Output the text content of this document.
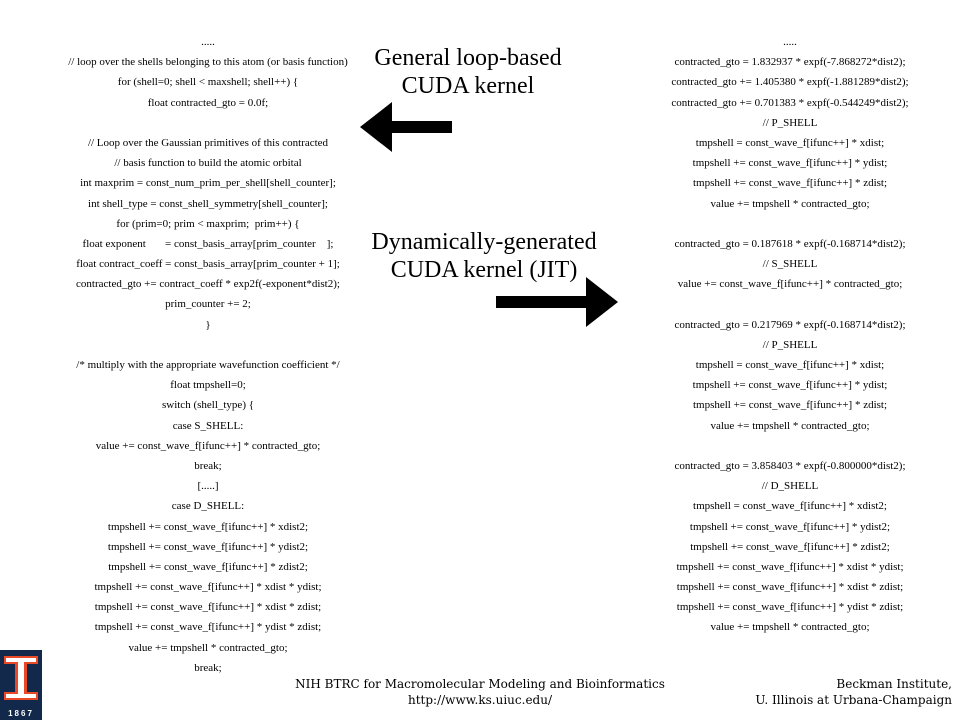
.....
// loop over the shells belonging to this atom (or basis function)
for (shell=0; shell < maxshell; shell++) {
float contracted_gto = 0.0f;
// Loop over the Gaussian primitives of this contracted
// basis function to build the atomic orbital
int maxprim = const_num_prim_per_shell[shell_counter];
int shell_type = const_shell_symmetry[shell_counter];
for (prim=0; prim < maxprim;  prim++) {
float exponent       = const_basis_array[prim_counter    ];
float contract_coeff = const_basis_array[prim_counter + 1];
contracted_gto += contract_coeff * exp2f(-exponent*dist2);
prim_counter += 2;
}
/* multiply with the appropriate wavefunction coefficient */
float tmpshell=0;
switch (shell_type) {
case S_SHELL:
value += const_wave_f[ifunc++] * contracted_gto;
break;
[.....]
case D_SHELL:
tmpshell += const_wave_f[ifunc++] * xdist2;
tmpshell += const_wave_f[ifunc++] * ydist2;
tmpshell += const_wave_f[ifunc++] * zdist2;
tmpshell += const_wave_f[ifunc++] * xdist * ydist;
tmpshell += const_wave_f[ifunc++] * xdist * zdist;
tmpshell += const_wave_f[ifunc++] * ydist * zdist;
value += tmpshell * contracted_gto;
break;
General loop-based
CUDA kernel
Dynamically-generated
CUDA kernel (JIT)
.....
contracted_gto = 1.832937 * expf(-7.868272*dist2);
contracted_gto += 1.405380 * expf(-1.881289*dist2);
contracted_gto += 0.701383 * expf(-0.544249*dist2);
// P_SHELL
tmpshell = const_wave_f[ifunc++] * xdist;
tmpshell += const_wave_f[ifunc++] * ydist;
tmpshell += const_wave_f[ifunc++] * zdist;
value += tmpshell * contracted_gto;
contracted_gto = 0.187618 * expf(-0.168714*dist2);
// S_SHELL
value += const_wave_f[ifunc++] * contracted_gto;
contracted_gto = 0.217969 * expf(-0.168714*dist2);
// P_SHELL
tmpshell = const_wave_f[ifunc++] * xdist;
tmpshell += const_wave_f[ifunc++] * ydist;
tmpshell += const_wave_f[ifunc++] * zdist;
value += tmpshell * contracted_gto;
contracted_gto = 3.858403 * expf(-0.800000*dist2);
// D_SHELL
tmpshell = const_wave_f[ifunc++] * xdist2;
tmpshell += const_wave_f[ifunc++] * ydist2;
tmpshell += const_wave_f[ifunc++] * zdist2;
tmpshell += const_wave_f[ifunc++] * xdist * ydist;
tmpshell += const_wave_f[ifunc++] * xdist * zdist;
tmpshell += const_wave_f[ifunc++] * ydist * zdist;
value += tmpshell * contracted_gto;
1867
NIH BTRC for Macromolecular Modeling and Bioinformatics
http://www.ks.uiuc.edu/
Beckman Institute,
U. Illinois at Urbana-Champaign
